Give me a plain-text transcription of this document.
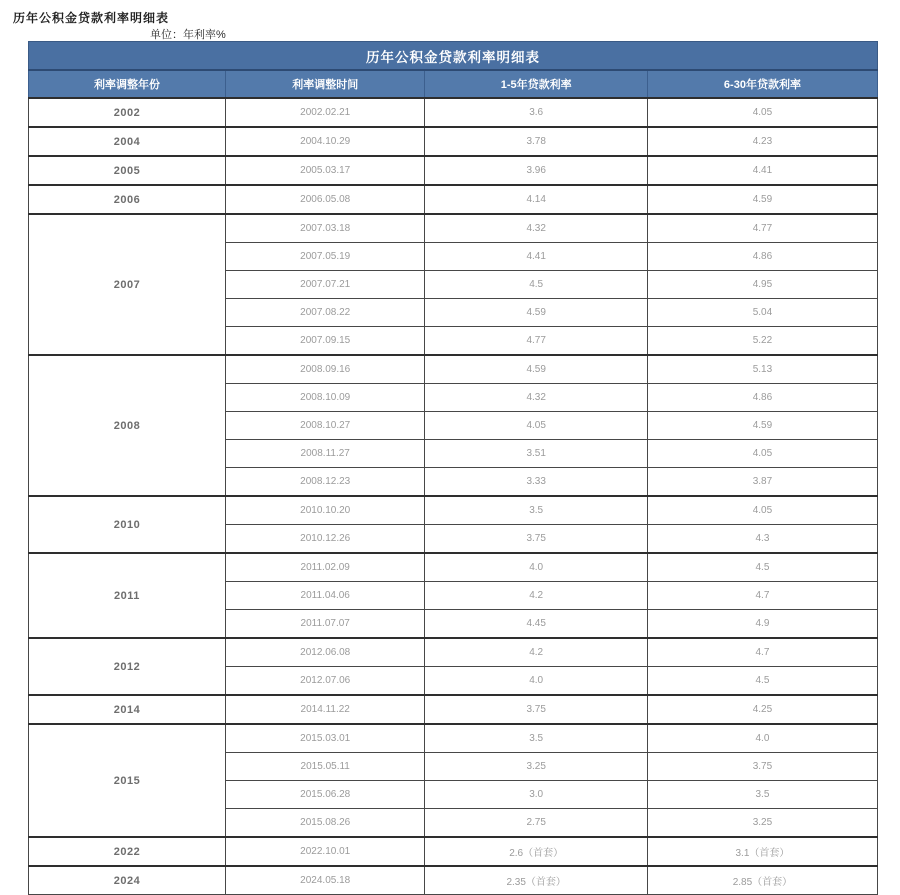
历年公积金贷款利率明细表
单位：年利率%
历年公积金贷款利率明细表			
利率调整年份	利率调整时间	1-5年贷款利率	6-30年贷款利率
2002	2002.02.21	3.6	4.05
2004	2004.10.29	3.78	4.23
2005	2005.03.17	3.96	4.41
2006	2006.05.08	4.14	4.59
2007	2007.03.18	4.32	4.77
	2007.05.19	4.41	4.86
	2007.07.21	4.5	4.95
	2007.08.22	4.59	5.04
	2007.09.15	4.77	5.22
2008	2008.09.16	4.59	5.13
	2008.10.09	4.32	4.86
	2008.10.27	4.05	4.59
	2008.11.27	3.51	4.05
	2008.12.23	3.33	3.87
2010	2010.10.20	3.5	4.05
	2010.12.26	3.75	4.3
2011	2011.02.09	4.0	4.5
	2011.04.06	4.2	4.7
	2011.07.07	4.45	4.9
2012	2012.06.08	4.2	4.7
	2012.07.06	4.0	4.5
2014	2014.11.22	3.75	4.25
2015	2015.03.01	3.5	4.0
	2015.05.11	3.25	3.75
	2015.06.28	3.0	3.5
	2015.08.26	2.75	3.25
2022	2022.10.01	2.6（首套）	3.1（首套）
2024	2024.05.18	2.35（首套）	2.85（首套）
